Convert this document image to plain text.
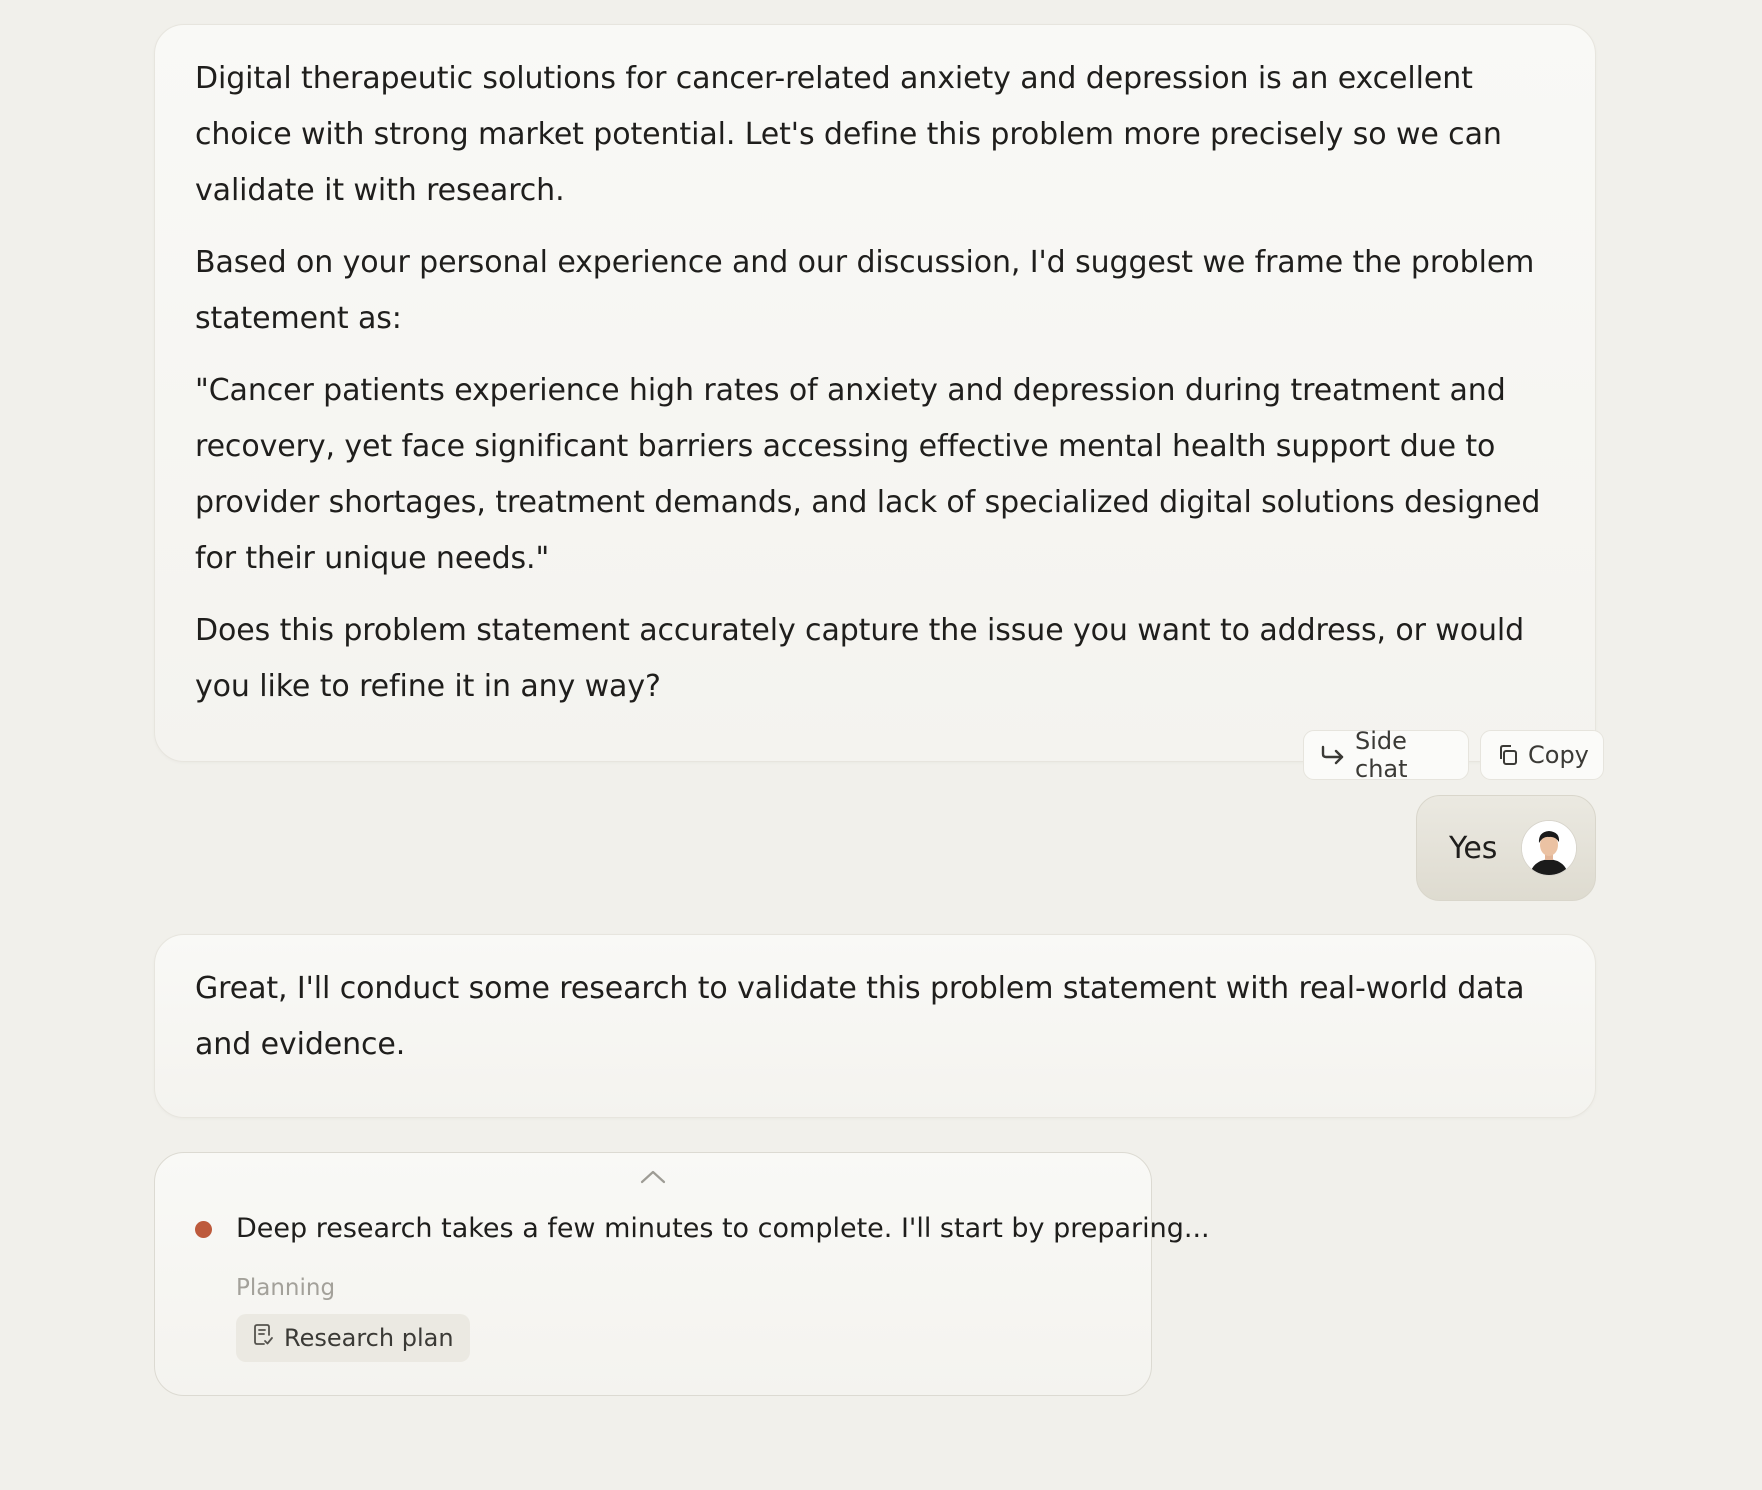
Digital therapeutic solutions for cancer-related anxiety and depression is an excellent choice with strong market potential. Let's define this problem more precisely so we can validate it with research.

Based on your personal experience and our discussion, I'd suggest we frame the problem statement as:

"Cancer patients experience high rates of anxiety and depression during treatment and recovery, yet face significant barriers accessing effective mental health support due to provider shortages, treatment demands, and lack of specialized digital solutions designed for their unique needs."

Does this problem statement accurately capture the issue you want to address, or would you like to refine it in any way?

Side chat	Copy
Yes

Great, I'll conduct some research to validate this problem statement with real-world data and evidence.

Deep research takes a few minutes to complete. I'll start by preparing...
Planning
Research plan
